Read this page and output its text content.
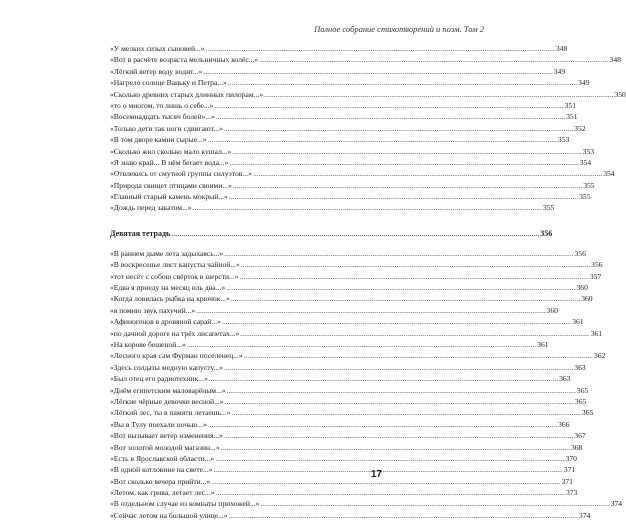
Полное собрание стихотворений и поэм. Том 2
«У мелких сизых сыновей...» .....	348
«Вот в расчёте возраста мельничных колёс...» .....	348
«Лёгкий ветер воду водит...» .....	349
«Нагрело солнце Ваньку и Петра...» .....	349
«Сколько древних старых длинных пилорам...» .....	350
«то о многом, то лишь о себе...» .....	351
«Восемнадцать тысяч болей»...» .....	351
«Только дети так ноги сдвигают...» .....	352
«В том дворе камни сырые...» .....	353
«Сколько жил сколько мало кушал...» .....	353
«Я знаю край... В нём бегает вода...» .....	354
«Отвлекись от смутной группы силуэтов...» .....	354
«Природа свищет птицами своими...» .....	355
«Главный старый камень мокрый...» .....	355
«Дождь перед закатом...» .....	355
Девятая тетрадь .....	356
«В раннем дыме лета задыхаясь...» .....	356
«В воскресенье лист капусты чайной...» .....	356
«тот несёт с собою свёрток в шерсти...» .....	357
«Едва я приеду на месяц иль два...» .....	360
«Когда ловилась рыбка на крючок...» .....	360
«я помню звук пахучий...» .....	360
«Афиногенов в дровяной сарай...» .....	361
«по дачной дороге на трёх лисапетах...» .....	361
«На корове бешеной...» .....	361
«Лесного края сам Фурман поселенец...» .....	362
«Здесь солдаты медную капусту...» .....	363
«Был отец его радиотехник...» .....	363
«Днём египетским маловарёным...» .....	365
«Лёгкие чёрные девочки весной...» .....	365
«Лёгкий лес, ты в памяти летаешь...» .....	365
«Вы в Тулу поехали ночью...» .....	366
«Вот вызывает ветер изменения...» .....	367
«Вот золотой молодой магазин...» .....	368
«Есть в Ярославской области...» .....	370
«В одной котловине на свете...» .....	371
«Вот сколько вечера прийти...» .....	371
«Летом, как грива, летает лес...» .....	373
«В отдельном случае из комнаты прихожей...» .....	374
«Сейчас летом на большой улице...» .....	374
17
